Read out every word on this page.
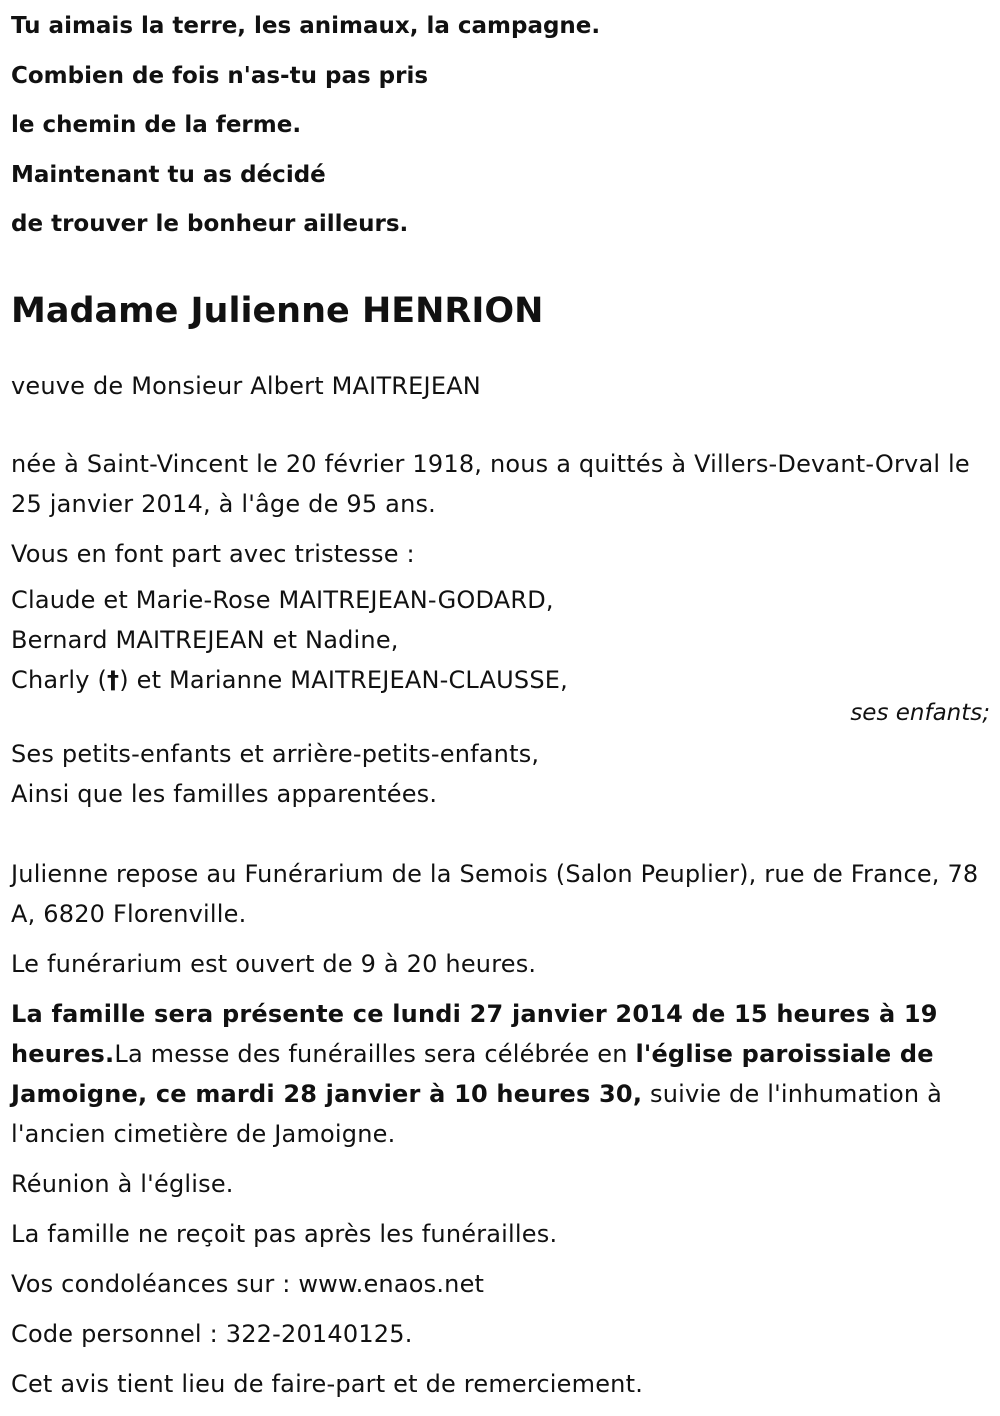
Tu aimais la terre, les animaux, la campagne.
Combien de fois n'as-tu pas pris
le chemin de la ferme.
Maintenant tu as décidé
de trouver le bonheur ailleurs.
Madame Julienne HENRION
veuve de Monsieur Albert MAITREJEAN
née à Saint-Vincent le 20 février 1918, nous a quittés à Villers-Devant-Orval le 25 janvier 2014, à l'âge de 95 ans.
Vous en font part avec tristesse :
Claude et Marie-Rose MAITREJEAN-GODARD,
Bernard MAITREJEAN et Nadine,
Charly (†) et Marianne MAITREJEAN-CLAUSSE,
ses enfants;
Ses petits-enfants et arrière-petits-enfants,
Ainsi que les familles apparentées.
Julienne repose au Funérarium de la Semois (Salon Peuplier), rue de France, 78 A, 6820 Florenville.
Le funérarium est ouvert de 9 à 20 heures.
La famille sera présente ce lundi 27 janvier 2014 de 15 heures à 19 heures.La messe des funérailles sera célébrée en l'église paroissiale de Jamoigne, ce mardi 28 janvier à 10 heures 30, suivie de l'inhumation à l'ancien cimetière de Jamoigne.
Réunion à l'église.
La famille ne reçoit pas après les funérailles.
Vos condoléances sur : www.enaos.net
Code personnel : 322-20140125.
Cet avis tient lieu de faire-part et de remerciement.
